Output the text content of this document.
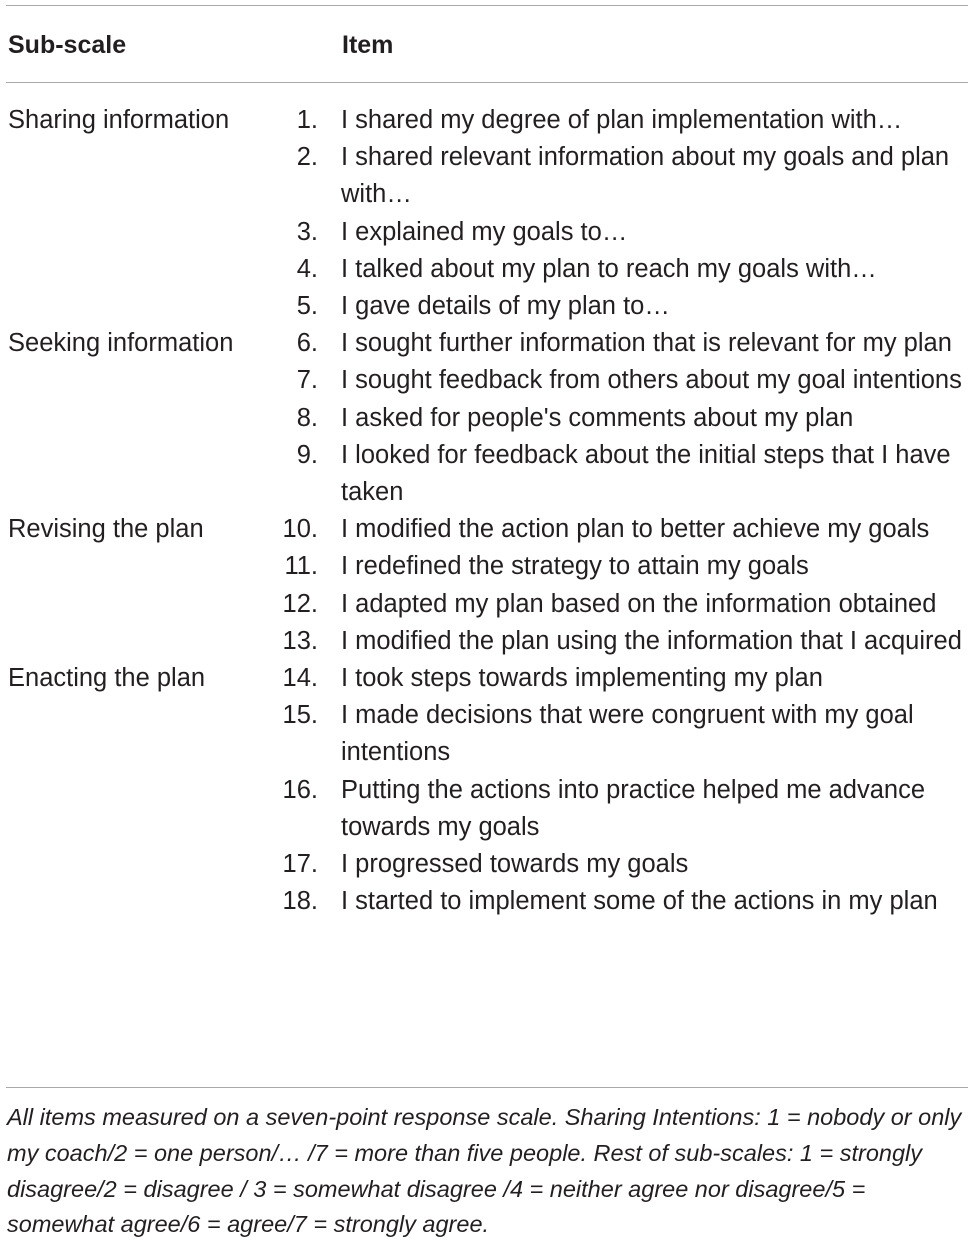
Sub-scale	Item
Sharing information	1. I shared my degree of plan implementation with…
2. I shared relevant information about my goals and plan with…
3. I explained my goals to…
4. I talked about my plan to reach my goals with…
5. I gave details of my plan to…
Seeking information	6. I sought further information that is relevant for my plan
7. I sought feedback from others about my goal intentions
8. I asked for people's comments about my plan
9. I looked for feedback about the initial steps that I have taken
Revising the plan	10. I modified the action plan to better achieve my goals
11. I redefined the strategy to attain my goals
12. I adapted my plan based on the information obtained
13. I modified the plan using the information that I acquired
Enacting the plan	14. I took steps towards implementing my plan
15. I made decisions that were congruent with my goal intentions
16. Putting the actions into practice helped me advance towards my goals
17. I progressed towards my goals
18. I started to implement some of the actions in my plan
All items measured on a seven-point response scale. Sharing Intentions: 1 = nobody or only my coach/2 = one person/… /7 = more than five people. Rest of sub-scales: 1 = strongly disagree/2 = disagree / 3 = somewhat disagree /4 = neither agree nor disagree/5 = somewhat agree/6 = agree/7 = strongly agree.
